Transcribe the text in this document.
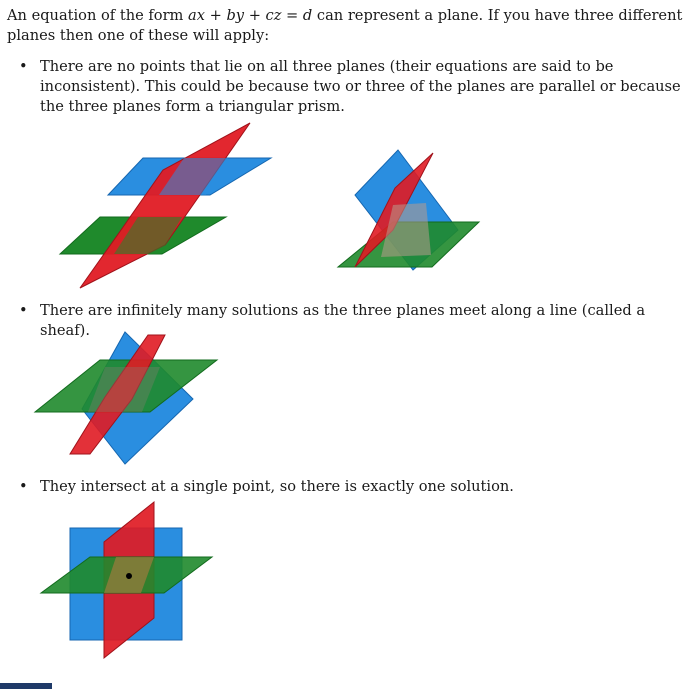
An equation of the form ax + by + cz = d can represent a plane. If you have three different planes then one of these will apply:

• There are no points that lie on all three planes (their equations are said to be inconsistent). This could be because two or three of the planes are parallel or because the three planes form a triangular prism.
• There are infinitely many solutions as the three planes meet along a line (called a sheaf).
• They intersect at a single point, so there is exactly one solution.
